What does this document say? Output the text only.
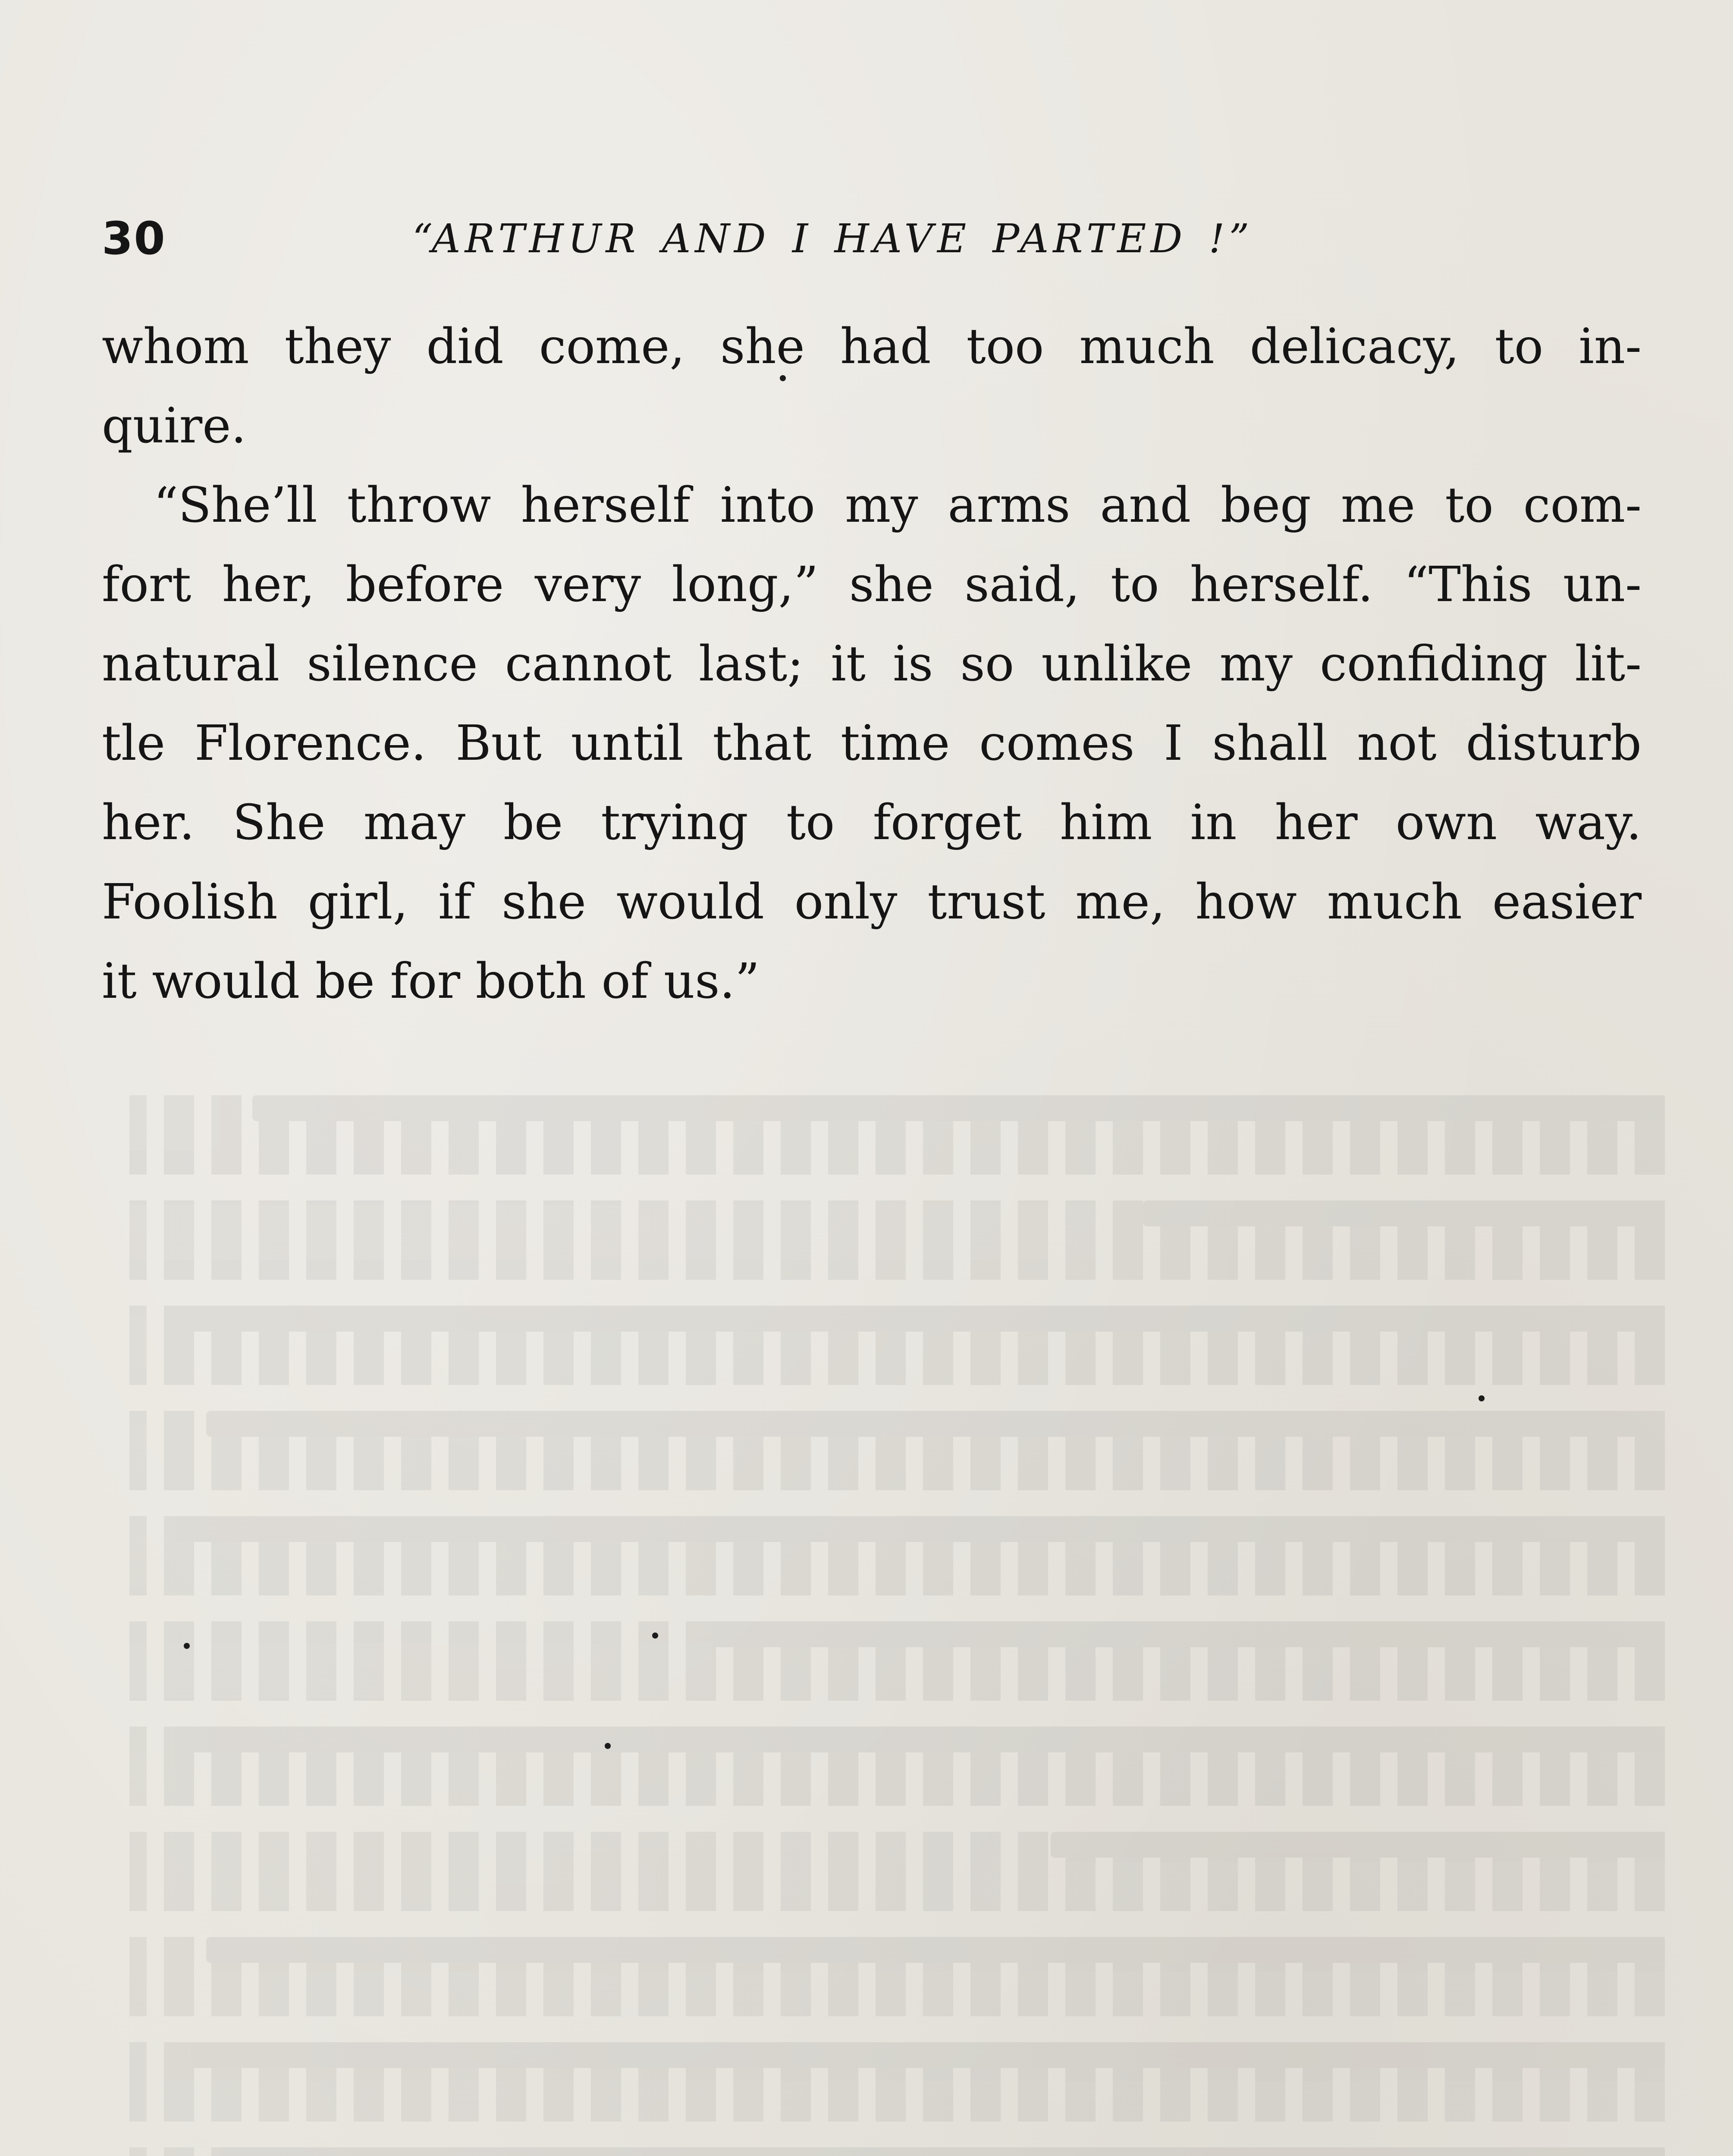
30	“ARTHUR AND I HAVE PARTED !”
whom they did come, she had too much delicacy, to in-
quire.
“She’ll throw herself into my arms and beg me to com-
fort her, before very long,” she said, to herself. “This un-
natural silence cannot last; it is so unlike my confiding lit-
tle Florence. But until that time comes I shall not disturb
her. She may be trying to forget him in her own way.
Foolish girl, if she would only trust me, how much easier
it would be for both of us.”
